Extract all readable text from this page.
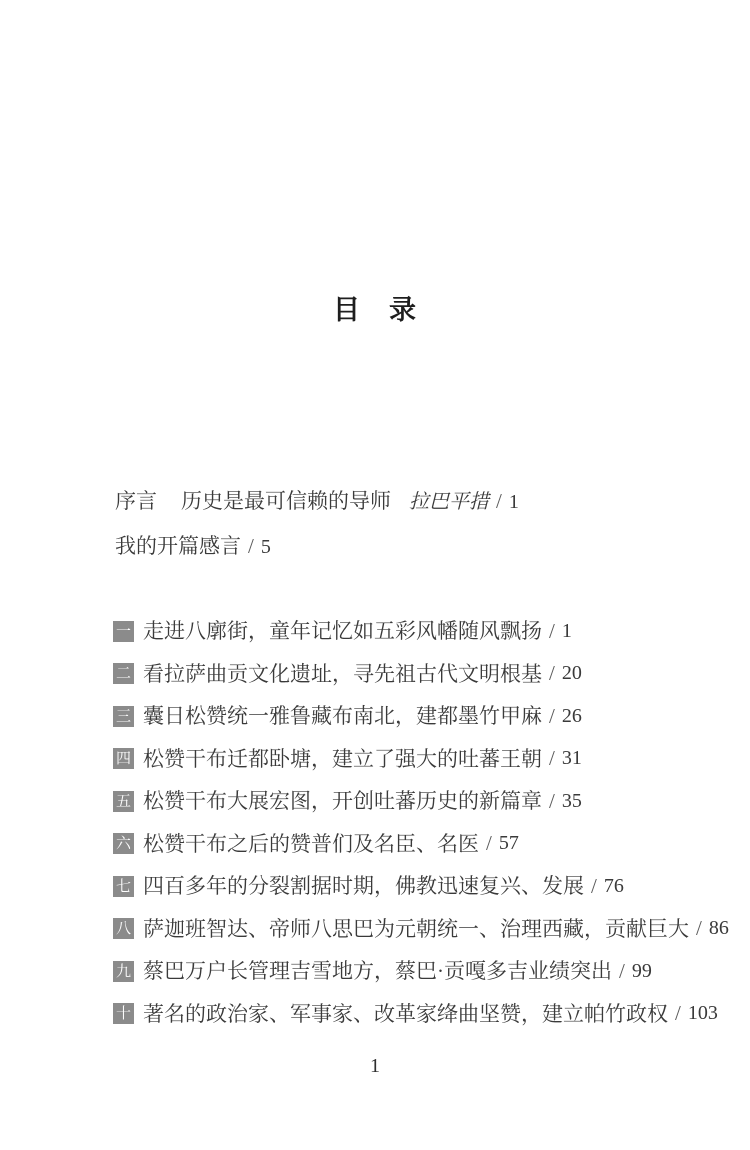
目　录
序言 历史是最可信赖的导师 拉巴平措 / 1
我的开篇感言 / 5
一 走进八廓街，童年记忆如五彩风幡随风飘扬 / 1
二 看拉萨曲贡文化遗址，寻先祖古代文明根基 / 20
三 囊日松赞统一雅鲁藏布南北，建都墨竹甲麻 / 26
四 松赞干布迁都卧塘，建立了强大的吐蕃王朝 / 31
五 松赞干布大展宏图，开创吐蕃历史的新篇章 / 35
六 松赞干布之后的赞普们及名臣、名医 / 57
七 四百多年的分裂割据时期，佛教迅速复兴、发展 / 76
八 萨迦班智达、帝师八思巴为元朝统一、治理西藏，贡献巨大 / 86
九 蔡巴万户长管理吉雪地方，蔡巴·贡嘎多吉业绩突出 / 99
十 著名的政治家、军事家、改革家绛曲坚赞，建立帕竹政权 / 103
1
